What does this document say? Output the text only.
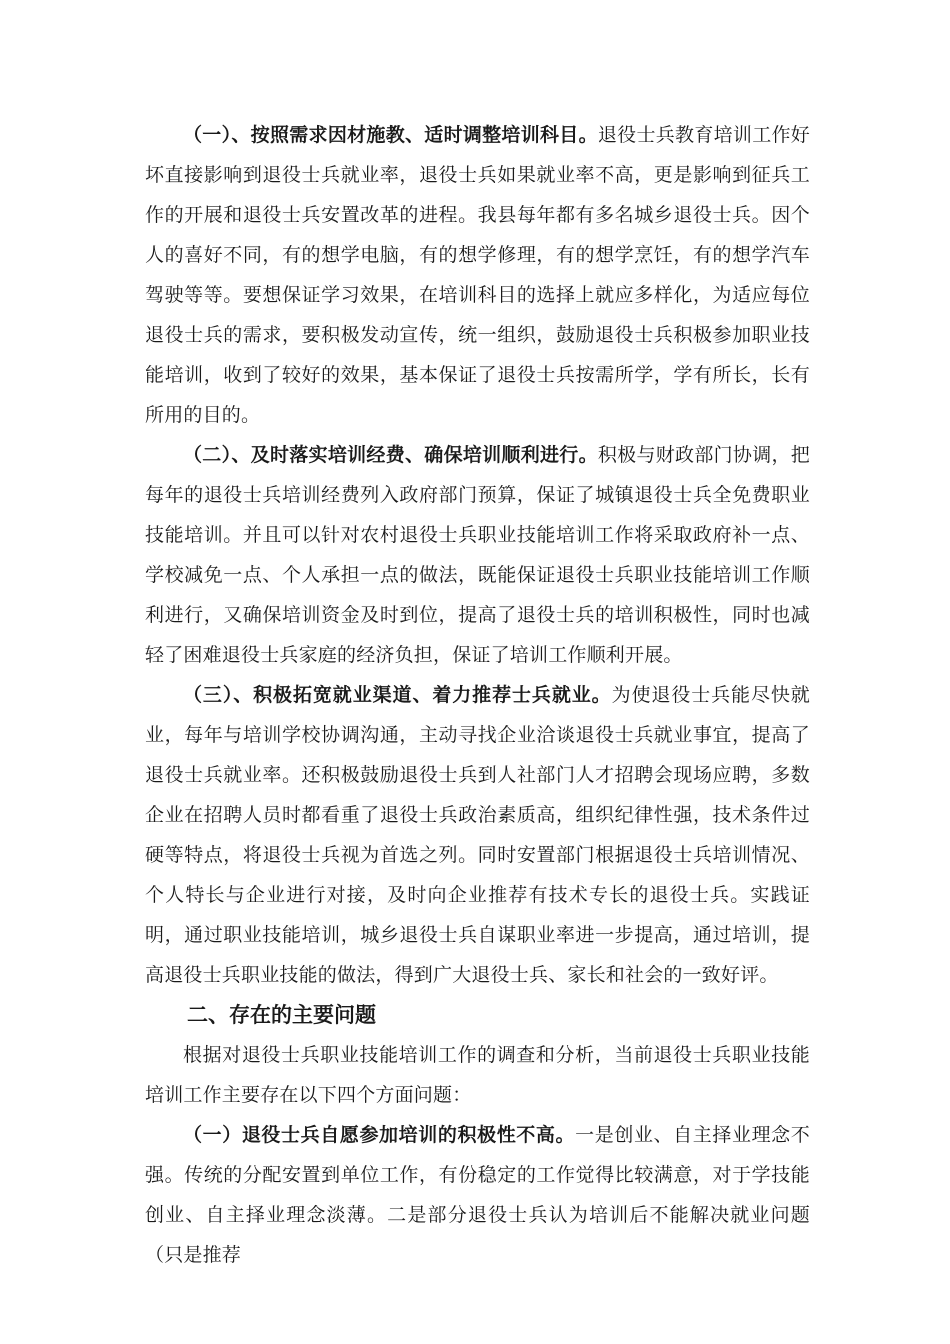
（一）、按照需求因材施教、适时调整培训科目。退役士兵教育培训工作好坏直接影响到退役士兵就业率，退役士兵如果就业率不高，更是影响到征兵工作的开展和退役士兵安置改革的进程。我县每年都有多名城乡退役士兵。因个人的喜好不同，有的想学电脑，有的想学修理，有的想学烹饪，有的想学汽车驾驶等等。要想保证学习效果，在培训科目的选择上就应多样化，为适应每位退役士兵的需求，要积极发动宣传，统一组织，鼓励退役士兵积极参加职业技能培训，收到了较好的效果，基本保证了退役士兵按需所学，学有所长，长有所用的目的。

（二）、及时落实培训经费、确保培训顺利进行。积极与财政部门协调，把每年的退役士兵培训经费列入政府部门预算，保证了城镇退役士兵全免费职业技能培训。并且可以针对农村退役士兵职业技能培训工作将采取政府补一点、学校减免一点、个人承担一点的做法，既能保证退役士兵职业技能培训工作顺利进行，又确保培训资金及时到位，提高了退役士兵的培训积极性，同时也减轻了困难退役士兵家庭的经济负担，保证了培训工作顺利开展。

（三）、积极拓宽就业渠道、着力推荐士兵就业。为使退役士兵能尽快就业，每年与培训学校协调沟通，主动寻找企业洽谈退役士兵就业事宜，提高了退役士兵就业率。还积极鼓励退役士兵到人社部门人才招聘会现场应聘，多数企业在招聘人员时都看重了退役士兵政治素质高，组织纪律性强，技术条件过硬等特点，将退役士兵视为首选之列。同时安置部门根据退役士兵培训情况、个人特长与企业进行对接，及时向企业推荐有技术专长的退役士兵。实践证明，通过职业技能培训，城乡退役士兵自谋职业率进一步提高，通过培训，提高退役士兵职业技能的做法，得到广大退役士兵、家长和社会的一致好评。

二、存在的主要问题

根据对退役士兵职业技能培训工作的调查和分析，当前退役士兵职业技能培训工作主要存在以下四个方面问题：

（一）退役士兵自愿参加培训的积极性不高。一是创业、自主择业理念不强。传统的分配安置到单位工作，有份稳定的工作觉得比较满意，对于学技能创业、自主择业理念淡薄。二是部分退役士兵认为培训后不能解决就业问题（只是推荐
